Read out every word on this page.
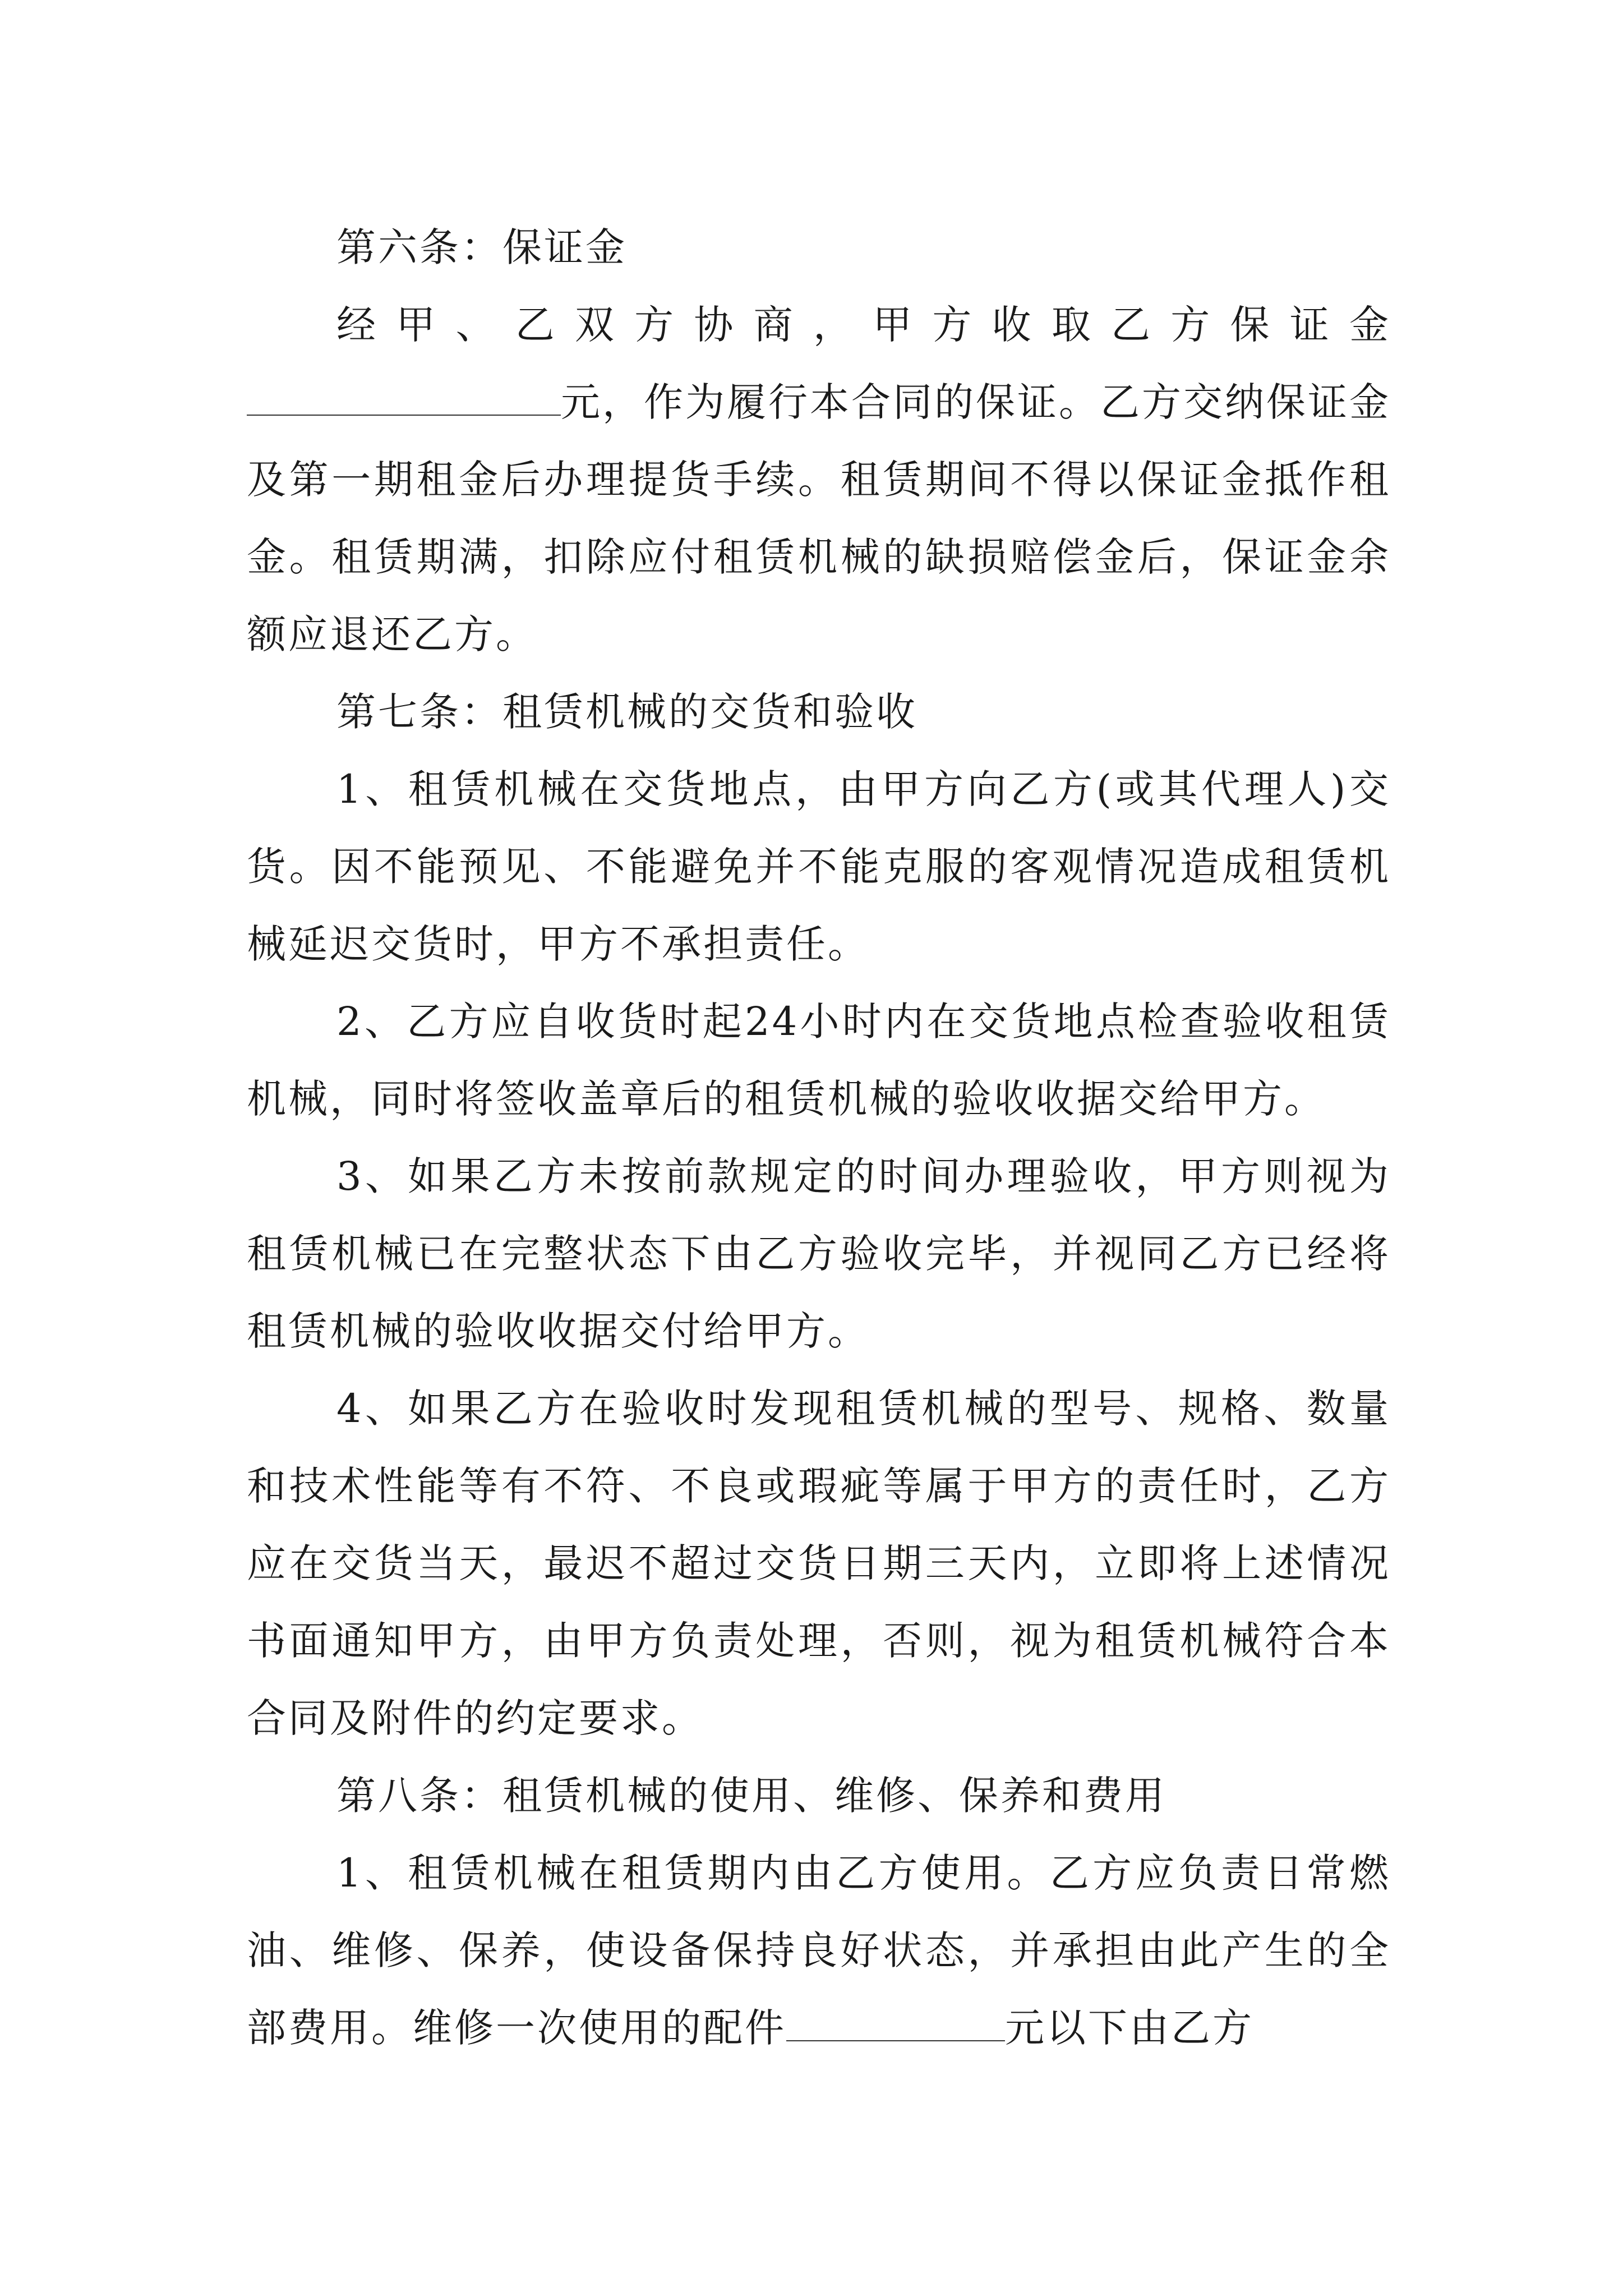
第六条：保证金

经甲、乙双方协商，甲方收取乙方保证金元，作为履行本合同的保证。乙方交纳保证金及第一期租金后办理提货手续。租赁期间不得以保证金抵作租金。租赁期满，扣除应付租赁机械的缺损赔偿金后，保证金余额应退还乙方。

第七条：租赁机械的交货和验收

1、租赁机械在交货地点，由甲方向乙方(或其代理人)交货。因不能预见、不能避免并不能克服的客观情况造成租赁机械延迟交货时，甲方不承担责任。

2、乙方应自收货时起24小时内在交货地点检查验收租赁机械，同时将签收盖章后的租赁机械的验收收据交给甲方。

3、如果乙方未按前款规定的时间办理验收，甲方则视为租赁机械已在完整状态下由乙方验收完毕，并视同乙方已经将租赁机械的验收收据交付给甲方。

4、如果乙方在验收时发现租赁机械的型号、规格、数量和技术性能等有不符、不良或瑕疵等属于甲方的责任时，乙方应在交货当天，最迟不超过交货日期三天内，立即将上述情况书面通知甲方，由甲方负责处理，否则，视为租赁机械符合本合同及附件的约定要求。

第八条：租赁机械的使用、维修、保养和费用

1、租赁机械在租赁期内由乙方使用。乙方应负责日常燃油、维修、保养，使设备保持良好状态，并承担由此产生的全部费用。维修一次使用的配件	元以下由乙方
